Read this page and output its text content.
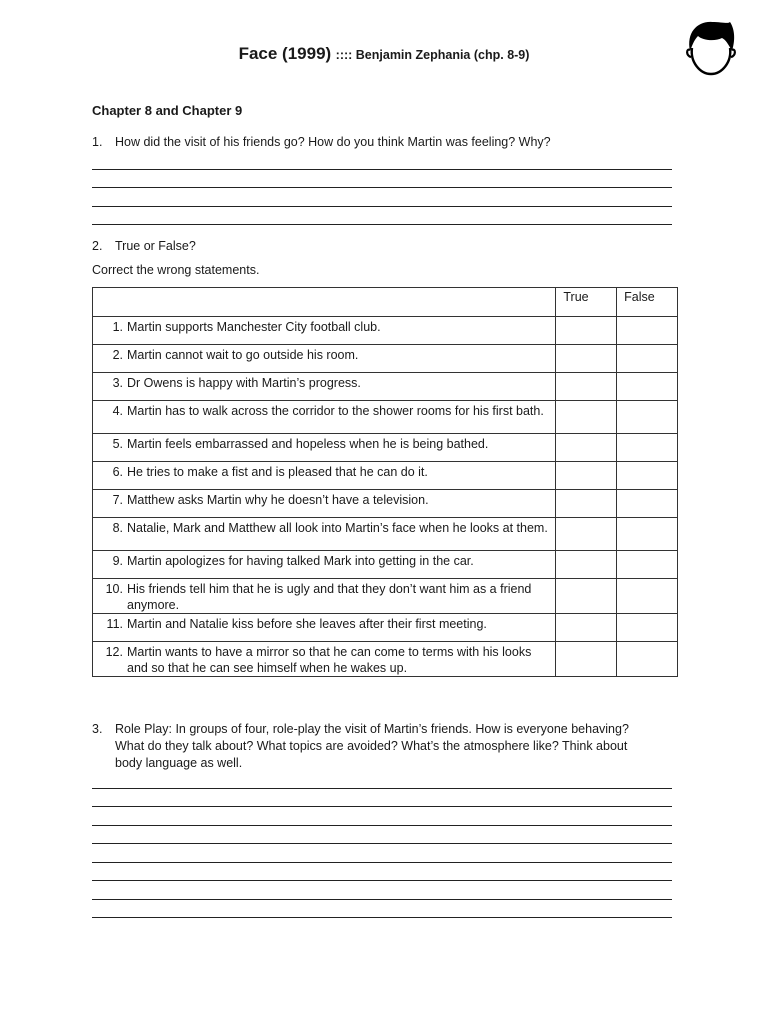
Face (1999) :::: Benjamin Zephania (chp. 8-9)
Chapter 8 and Chapter 9
1.	How did the visit of his friends go? How do you think Martin was feeling? Why?
2.	True or False?
Correct the wrong statements.

	True	False

1. Martin supports Manchester City football club.		

2. Martin cannot wait to go outside his room.		

3. Dr Owens is happy with Martin’s progress.		

4. Martin has to walk across the corridor to the shower rooms for his first bath.		

5. Martin feels embarrassed and hopeless when he is being bathed.		

6. He tries to make a fist and is pleased that he can do it.		

7. Matthew asks Martin why he doesn’t have a television.		

8. Natalie, Mark and Matthew all look into Martin’s face when he looks at them.		

9. Martin apologizes for having talked Mark into getting in the car.		

10. His friends tell him that he is ugly and that they don’t want him as a friend anymore.		

11. Martin and Natalie kiss before she leaves after their first meeting.		

12. Martin wants to have a mirror so that he can come to terms with his looks and so that he can see himself when he wakes up.		

3.	Role Play: In groups of four, role-play the visit of Martin’s friends. How is everyone behaving? What do they talk about? What topics are avoided? What’s the atmosphere like? Think about body language as well.
